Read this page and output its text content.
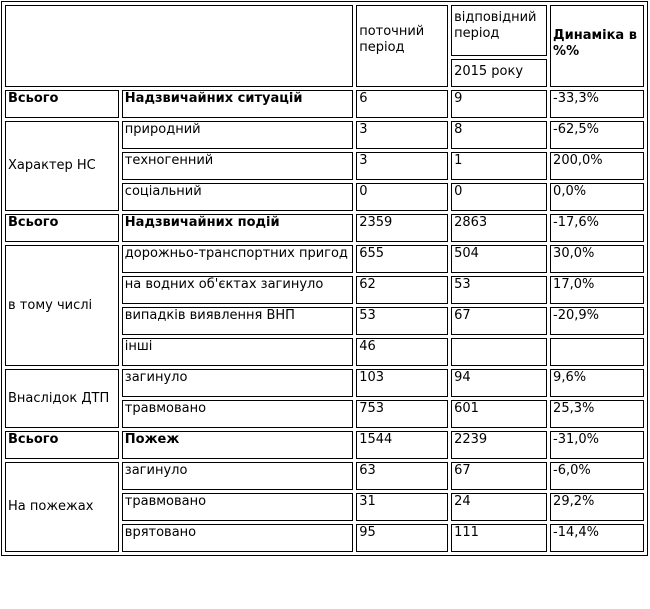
		поточний період	відповідний період	Динаміка в %%
			2015 року	
Всього	Надзвичайних ситуацій	6	9	-33,3%
Характер НС	природний	3	8	-62,5%
	техногенний	3	1	200,0%
	соціальний	0	0	0,0%
Всього	Надзвичайних подій	2359	2863	-17,6%
в тому числі	дорожньо-транспортних пригод	655	504	30,0%
	на водних об'єктах загинуло	62	53	17,0%
	випадків виявлення ВНП	53	67	-20,9%
	інші	46		
Внаслідок ДТП	загинуло	103	94	9,6%
	травмовано	753	601	25,3%
Всього	Пожеж	1544	2239	-31,0%
На пожежах	загинуло	63	67	-6,0%
	травмовано	31	24	29,2%
	врятовано	95	111	-14,4%
